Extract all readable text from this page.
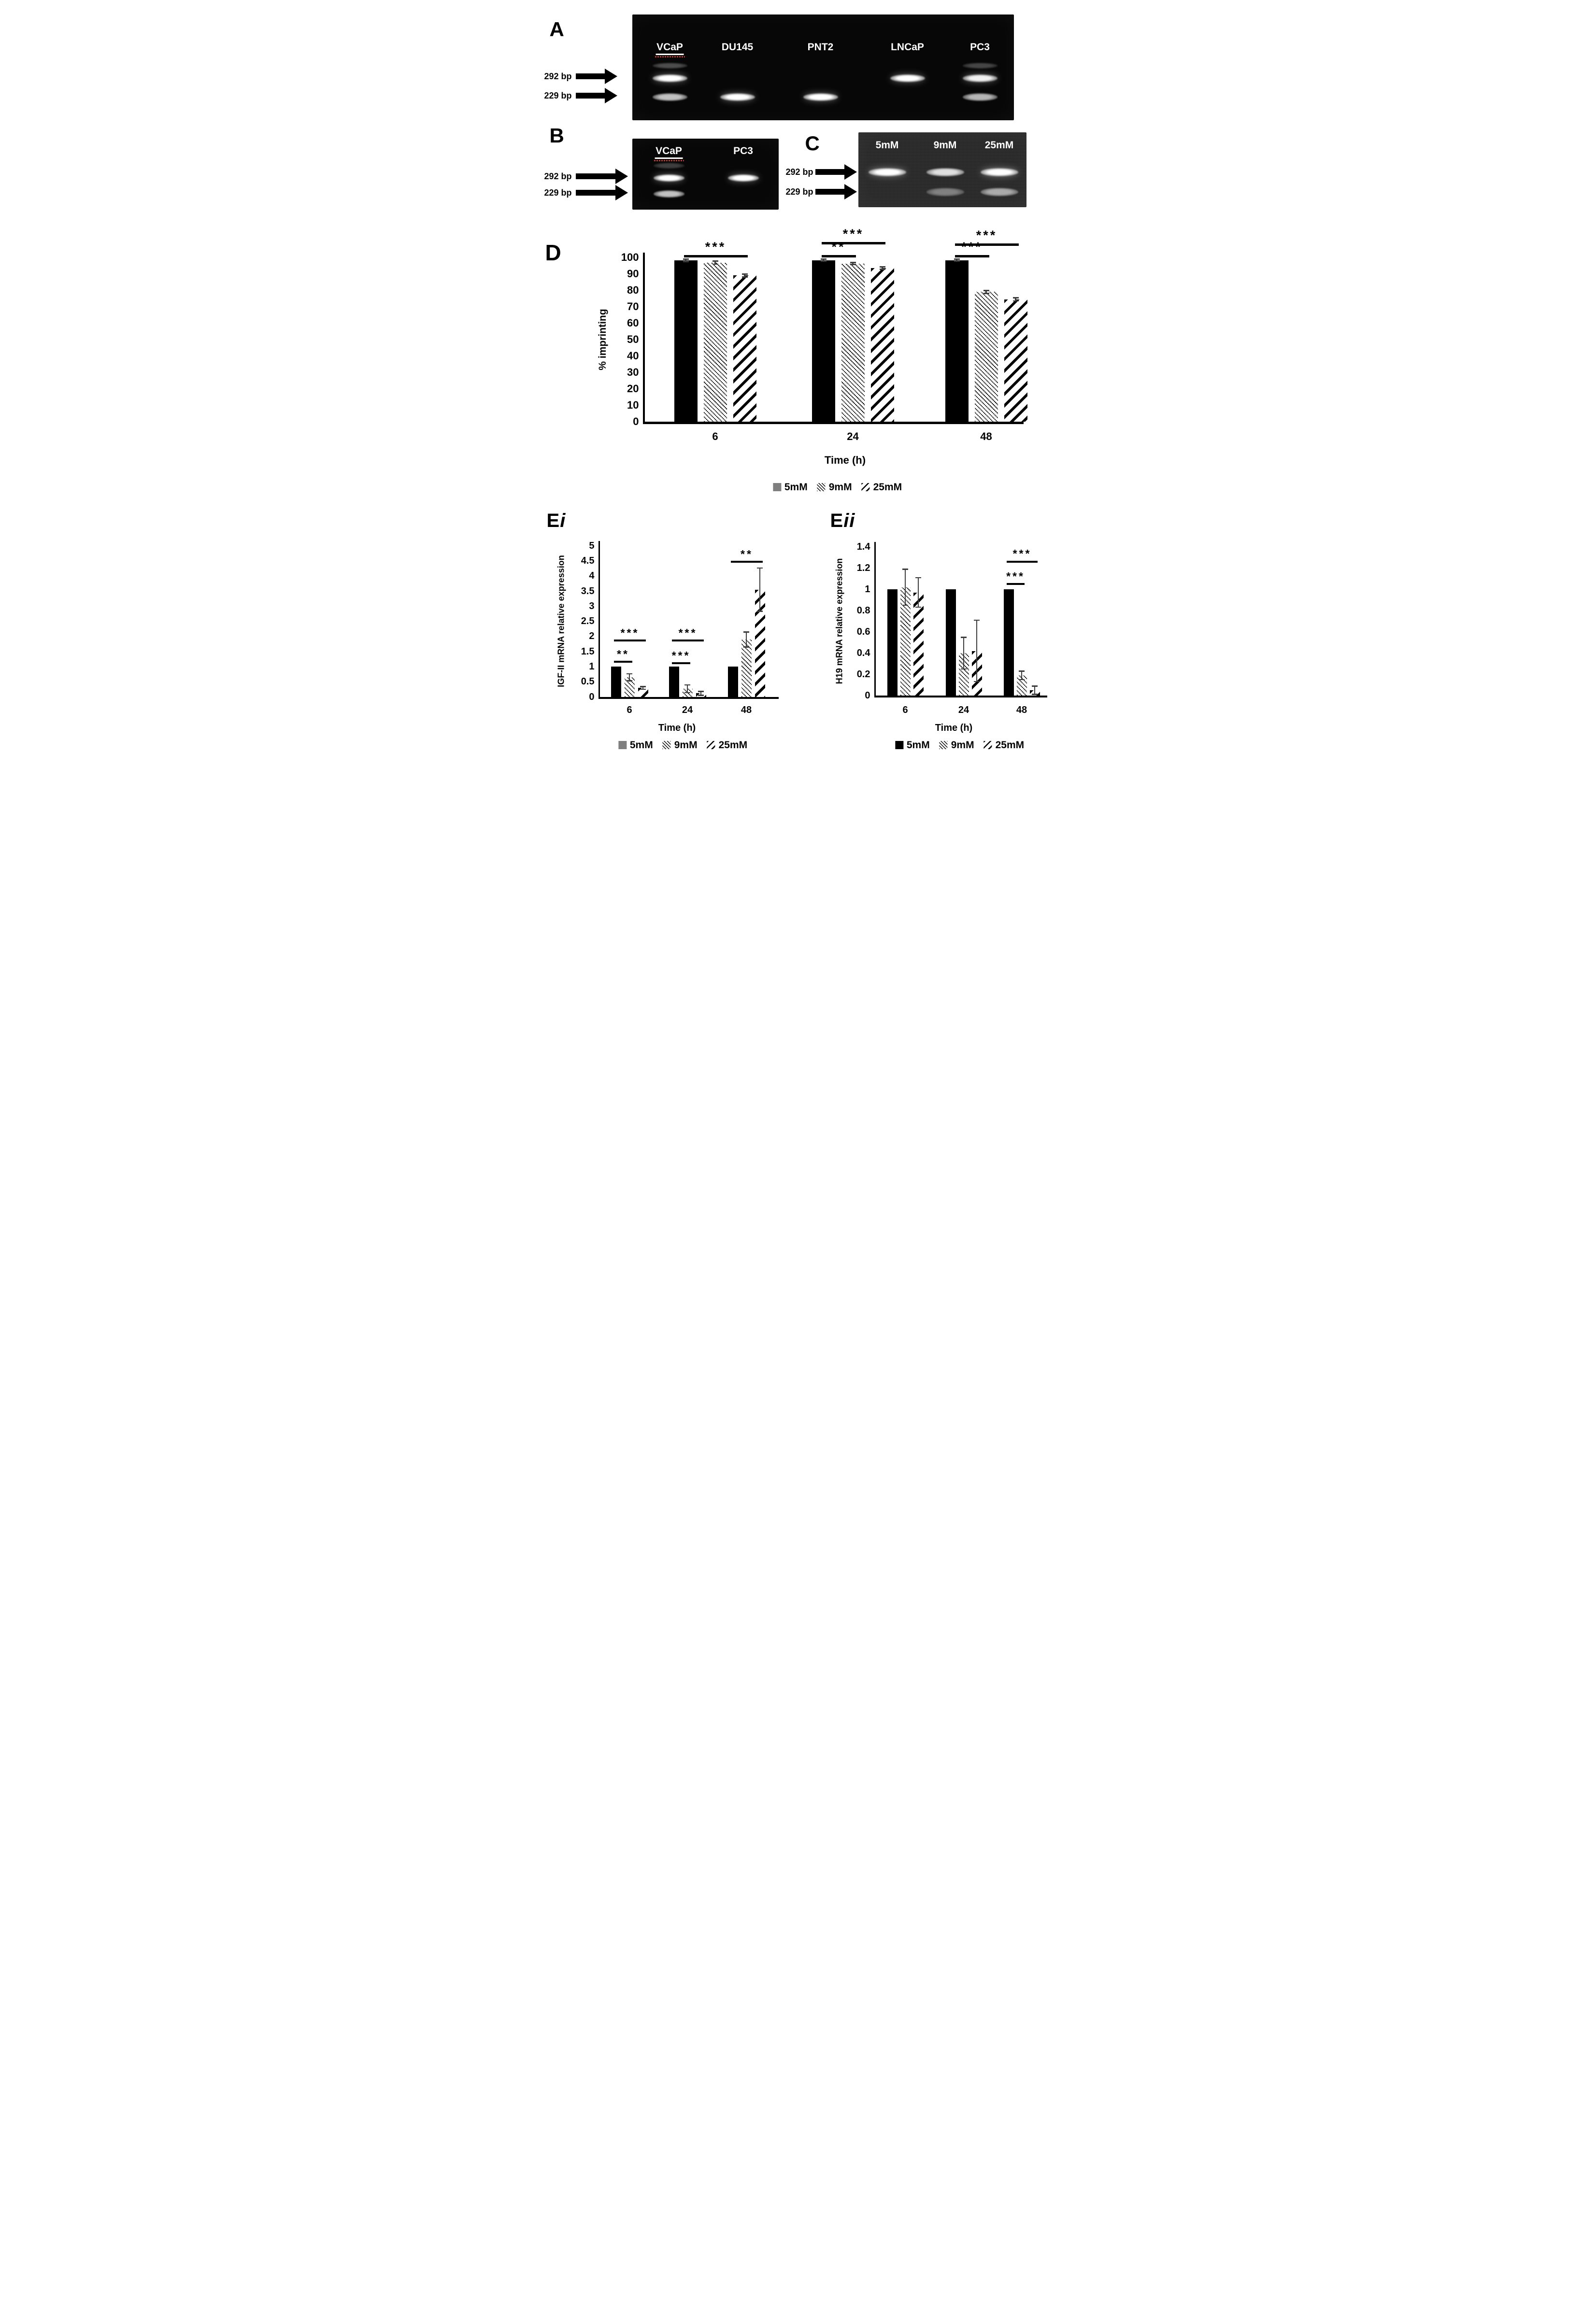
A
B	C
D
Ei	Eii
VCaP	DU145	PNT2	LNCaP	PC3
292 bp
229 bp
VCaP	PC3
292 bp
229 bp
5mM	9mM	25mM
292 bp
229 bp
0
10
20
30
40
50
60
70
80
90
100
% imprinting
Time (h)
***
***
**
***
***
6	24	48
5mM 9mM 25mM
0
0.5
1
1.5
2
2.5
3
3.5
4
4.5
5
IGF-II mRNA relative expression
Time (h)
***
**
***
***
**
6	24	48
5mM 9mM 25mM
0
0.2
0.4
0.6
0.8
1
1.2
1.4
H19 mRNA relative expression
Time (h)
***
***
6	24	48
5mM 9mM 25mM
